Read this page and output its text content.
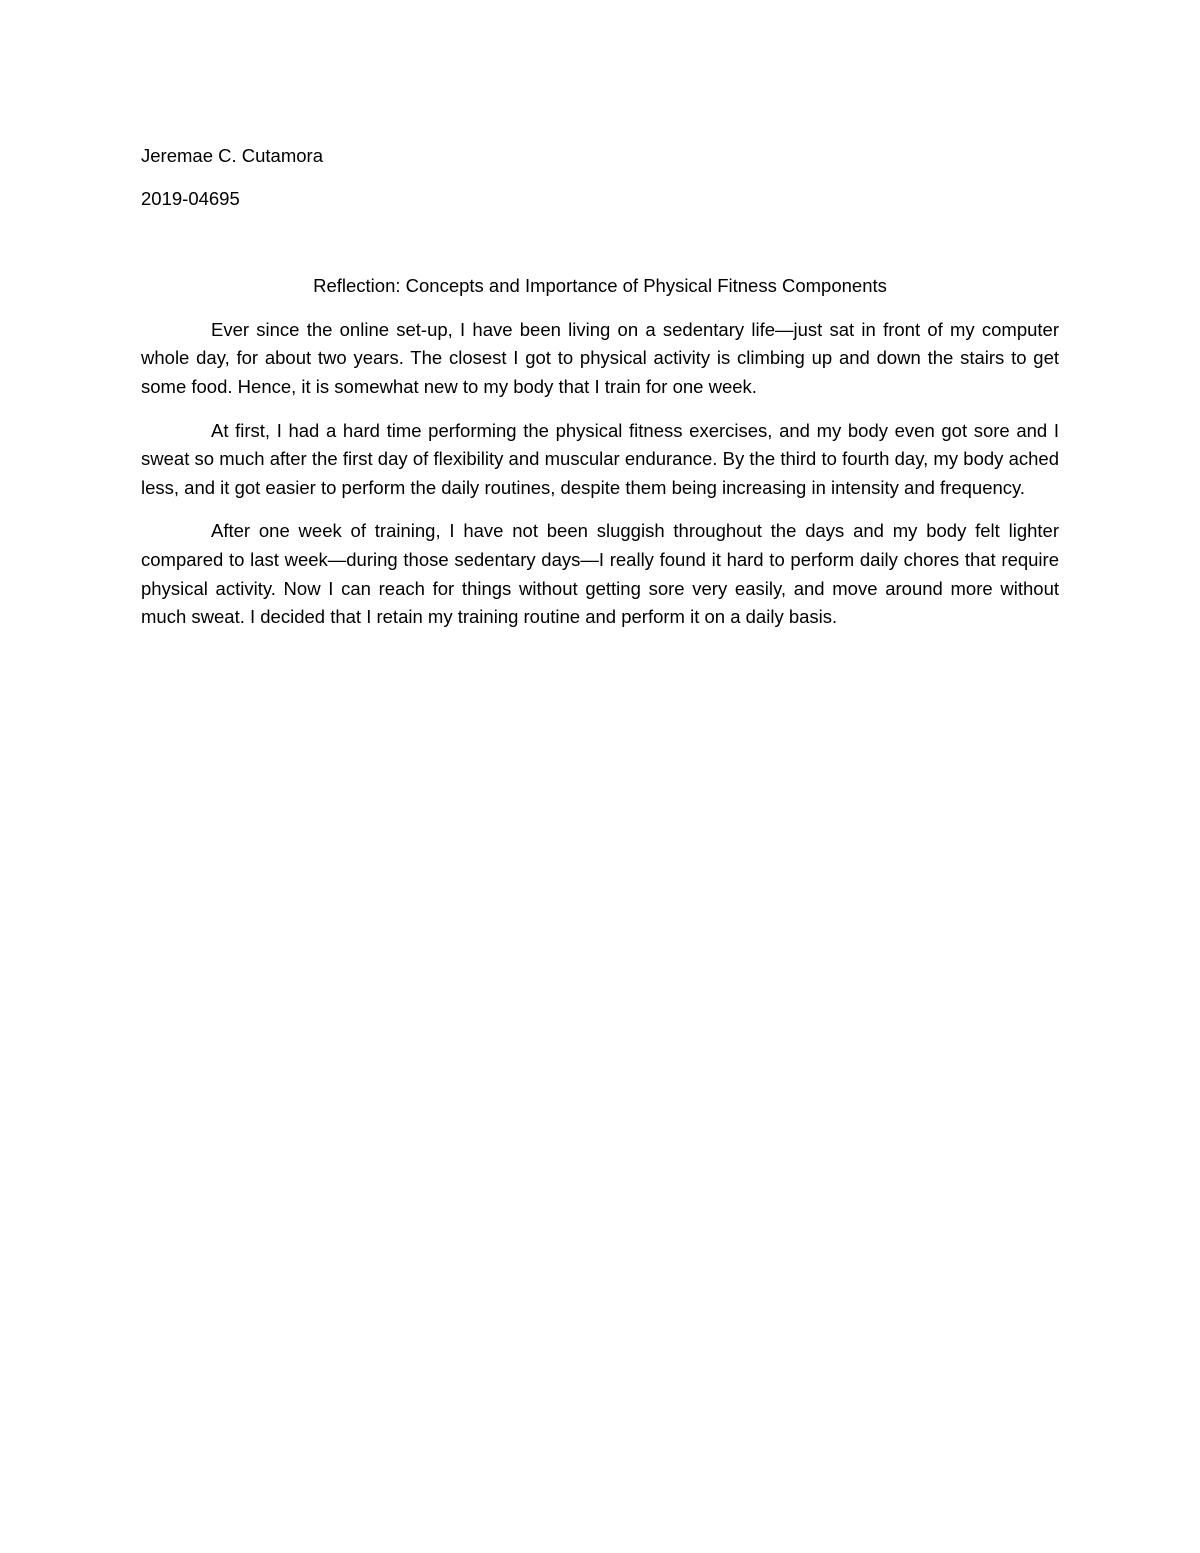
Jeremae C. Cutamora

2019-04695

Reflection: Concepts and Importance of Physical Fitness Components

Ever since the online set-up, I have been living on a sedentary life—just sat in front of my computer whole day, for about two years. The closest I got to physical activity is climbing up and down the stairs to get some food. Hence, it is somewhat new to my body that I train for one week.

At first, I had a hard time performing the physical fitness exercises, and my body even got sore and I sweat so much after the first day of flexibility and muscular endurance. By the third to fourth day, my body ached less, and it got easier to perform the daily routines, despite them being increasing in intensity and frequency.

After one week of training, I have not been sluggish throughout the days and my body felt lighter compared to last week—during those sedentary days—I really found it hard to perform daily chores that require physical activity. Now I can reach for things without getting sore very easily, and move around more without much sweat. I decided that I retain my training routine and perform it on a daily basis.
